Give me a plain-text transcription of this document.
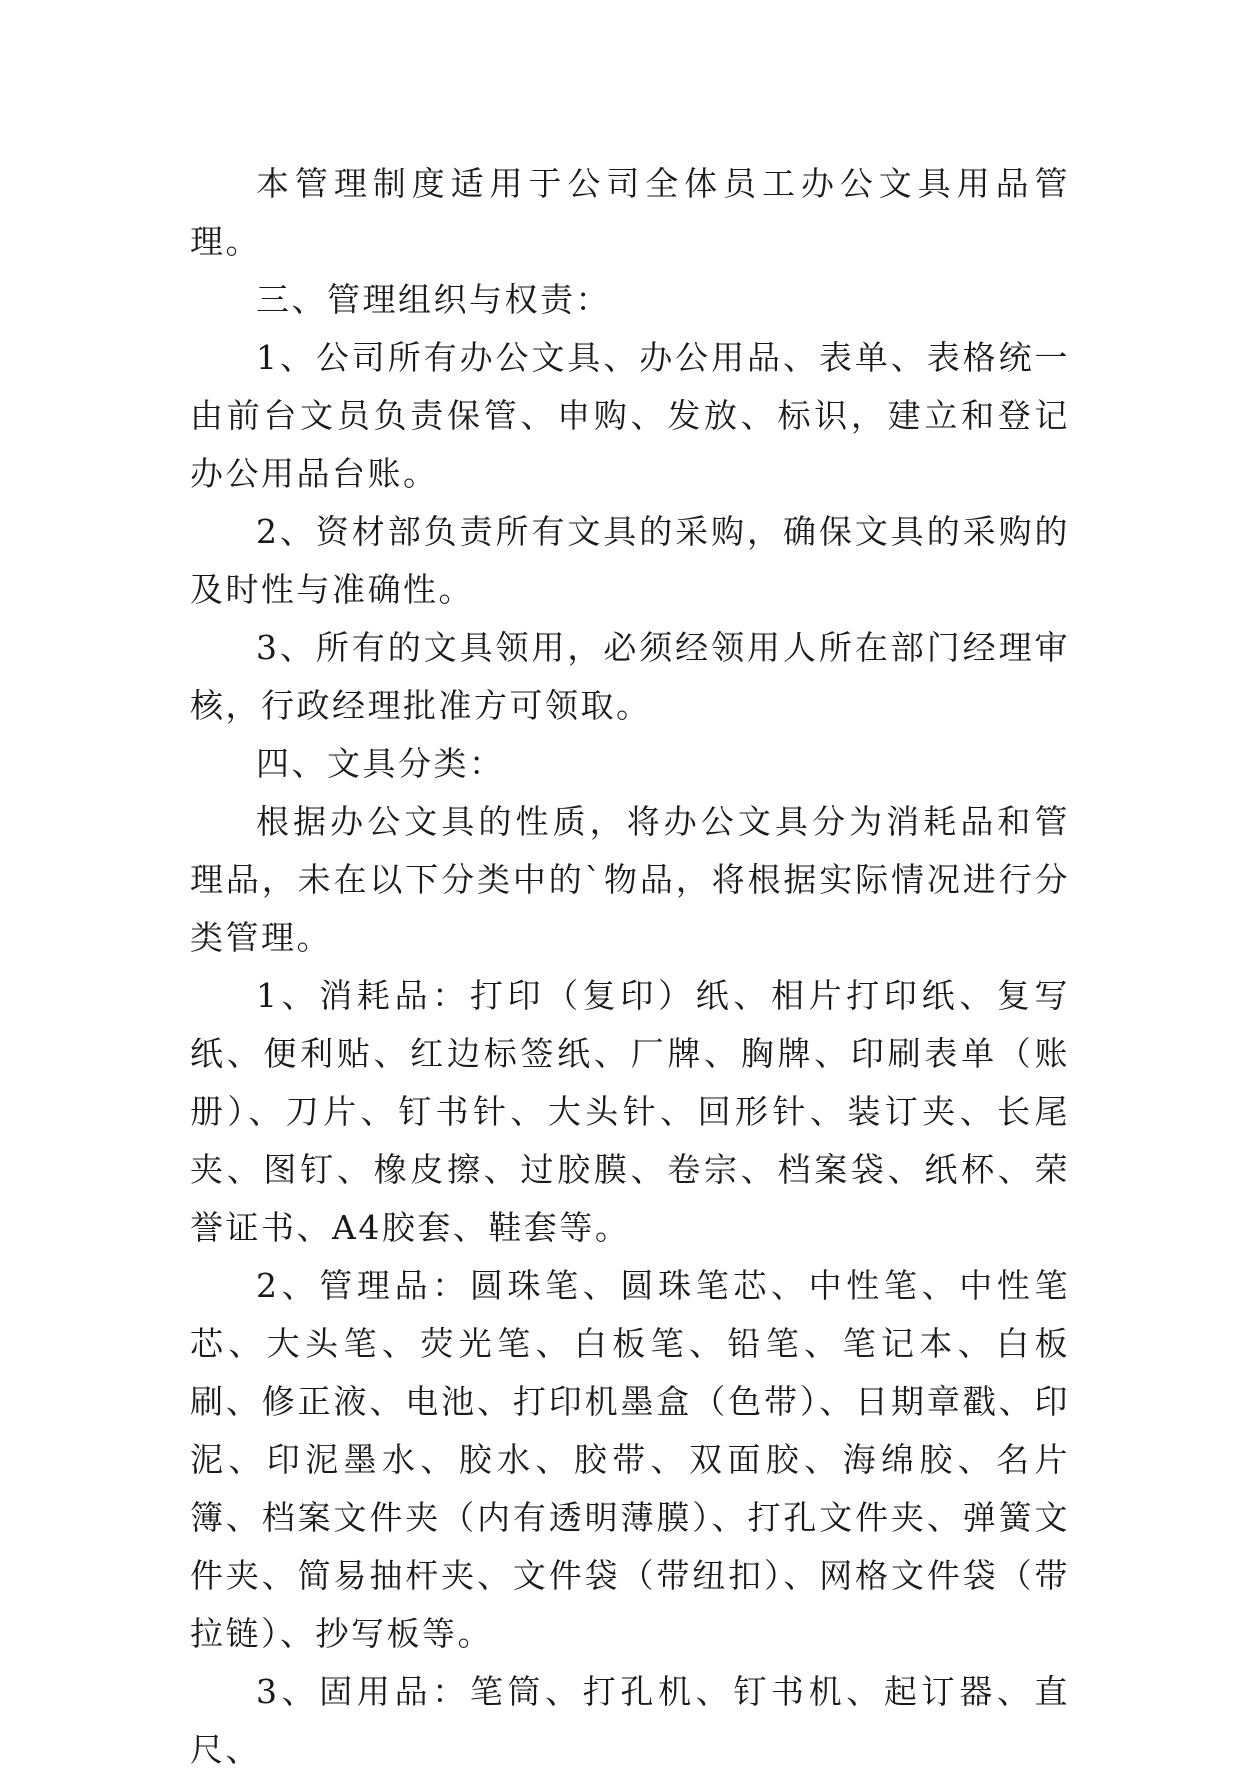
本管理制度适用于公司全体员工办公文具用品管理。

三、管理组织与权责：

1、公司所有办公文具、办公用品、表单、表格统一由前台文员负责保管、申购、发放、标识，建立和登记办公用品台账。

2、资材部负责所有文具的采购，确保文具的采购的及时性与准确性。

3、所有的文具领用，必须经领用人所在部门经理审核，行政经理批准方可领取。

四、文具分类：

根据办公文具的性质，将办公文具分为消耗品和管理品，未在以下分类中的`物品，将根据实际情况进行分类管理。

1、消耗品：打印（复印）纸、相片打印纸、复写纸、便利贴、红边标签纸、厂牌、胸牌、印刷表单（账册）、刀片、钉书针、大头针、回形针、装订夹、长尾夹、图钉、橡皮擦、过胶膜、卷宗、档案袋、纸杯、荣誉证书、A4胶套、鞋套等。

2、管理品：圆珠笔、圆珠笔芯、中性笔、中性笔芯、大头笔、荧光笔、白板笔、铅笔、笔记本、白板刷、修正液、电池、打印机墨盒（色带）、日期章戳、印泥、印泥墨水、胶水、胶带、双面胶、海绵胶、名片簿、档案文件夹（内有透明薄膜）、打孔文件夹、弹簧文件夹、简易抽杆夹、文件袋（带纽扣）、网格文件袋（带拉链）、抄写板等。

3、固用品：笔筒、打孔机、钉书机、起订器、直尺、
